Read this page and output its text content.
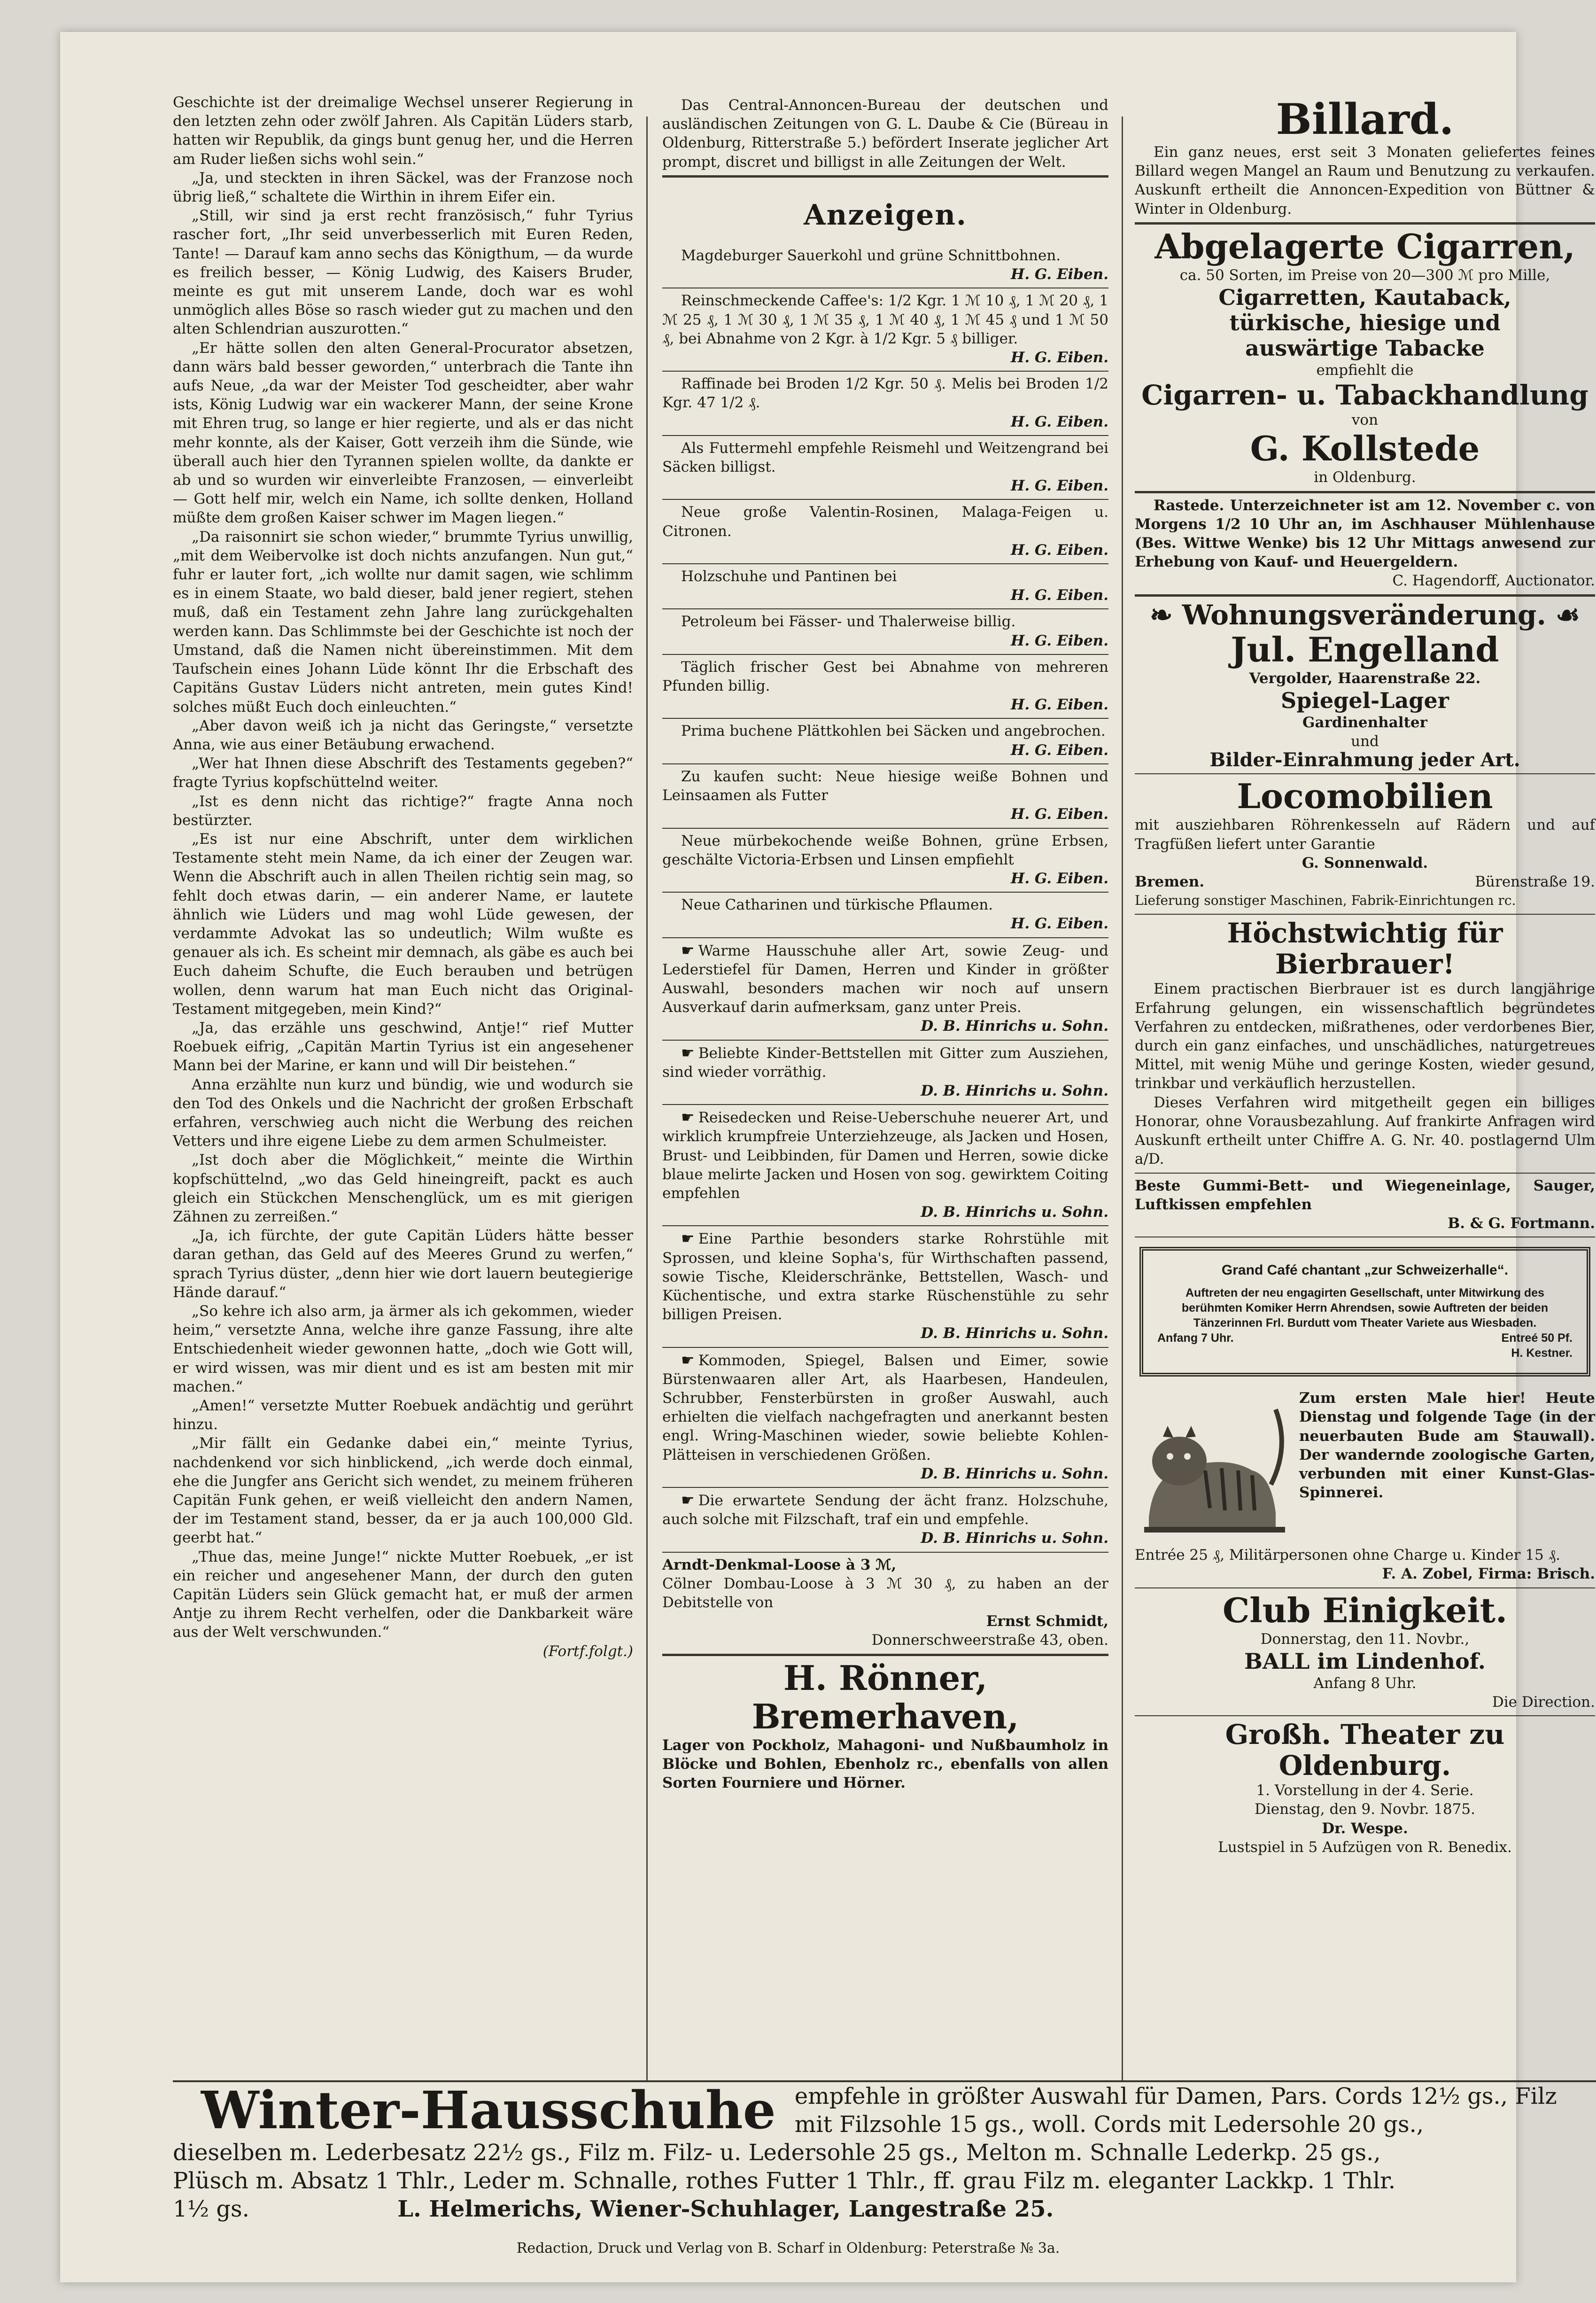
Geschichte ist der dreimalige Wechsel unserer Regierung in den letzten zehn oder zwölf Jahren. Als Capitän Lüders starb, hatten wir Republik, da gings bunt genug her, und die Herren am Ruder ließen sichs wohl sein.“

„Ja, und steckten in ihren Säckel, was der Franzose noch übrig ließ,“ schaltete die Wirthin in ihrem Eifer ein.

„Still, wir sind ja erst recht französisch,“ fuhr Tyrius rascher fort, „Ihr seid unverbesserlich mit Euren Reden, Tante! — Darauf kam anno sechs das Königthum, — da wurde es freilich besser, — König Ludwig, des Kaisers Bruder, meinte es gut mit unserem Lande, doch war es wohl unmöglich alles Böse so rasch wieder gut zu machen und den alten Schlendrian auszurotten.“

„Er hätte sollen den alten General-Procurator absetzen, dann wärs bald besser geworden,“ unterbrach die Tante ihn aufs Neue, „da war der Meister Tod gescheidter, aber wahr ists, König Ludwig war ein wackerer Mann, der seine Krone mit Ehren trug, so lange er hier regierte, und als er das nicht mehr konnte, als der Kaiser, Gott verzeih ihm die Sünde, wie überall auch hier den Tyrannen spielen wollte, da dankte er ab und so wurden wir einverleibte Franzosen, — einverleibt — Gott helf mir, welch ein Name, ich sollte denken, Holland müßte dem großen Kaiser schwer im Magen liegen.“

„Da raisonnirt sie schon wieder,“ brummte Tyrius unwillig, „mit dem Weibervolke ist doch nichts anzufangen. Nun gut,“ fuhr er lauter fort, „ich wollte nur damit sagen, wie schlimm es in einem Staate, wo bald dieser, bald jener regiert, stehen muß, daß ein Testament zehn Jahre lang zurückgehalten werden kann. Das Schlimmste bei der Geschichte ist noch der Umstand, daß die Namen nicht übereinstimmen. Mit dem Taufschein eines Johann Lüde könnt Ihr die Erbschaft des Capitäns Gustav Lüders nicht antreten, mein gutes Kind! solches müßt Euch doch einleuchten.“

„Aber davon weiß ich ja nicht das Geringste,“ versetzte Anna, wie aus einer Betäubung erwachend.

„Wer hat Ihnen diese Abschrift des Testaments gegeben?“ fragte Tyrius kopfschüttelnd weiter.

„Ist es denn nicht das richtige?“ fragte Anna noch bestürzter.

„Es ist nur eine Abschrift, unter dem wirklichen Testamente steht mein Name, da ich einer der Zeugen war. Wenn die Abschrift auch in allen Theilen richtig sein mag, so fehlt doch etwas darin, — ein anderer Name, er lautete ähnlich wie Lüders und mag wohl Lüde gewesen, der verdammte Advokat las so undeutlich; Wilm wußte es genauer als ich. Es scheint mir demnach, als gäbe es auch bei Euch daheim Schufte, die Euch berauben und betrügen wollen, denn warum hat man Euch nicht das Original-Testament mitgegeben, mein Kind?“

„Ja, das erzähle uns geschwind, Antje!“ rief Mutter Roebuek eifrig, „Capitän Martin Tyrius ist ein angesehener Mann bei der Marine, er kann und will Dir beistehen.“

Anna erzählte nun kurz und bündig, wie und wodurch sie den Tod des Onkels und die Nachricht der großen Erbschaft erfahren, verschwieg auch nicht die Werbung des reichen Vetters und ihre eigene Liebe zu dem armen Schulmeister.

„Ist doch aber die Möglichkeit,“ meinte die Wirthin kopfschüttelnd, „wo das Geld hineingreift, packt es auch gleich ein Stückchen Menschenglück, um es mit gierigen Zähnen zu zerreißen.“

„Ja, ich fürchte, der gute Capitän Lüders hätte besser daran gethan, das Geld auf des Meeres Grund zu werfen,“ sprach Tyrius düster, „denn hier wie dort lauern beutegierige Hände darauf.“

„So kehre ich also arm, ja ärmer als ich gekommen, wieder heim,“ versetzte Anna, welche ihre ganze Fassung, ihre alte Entschiedenheit wieder gewonnen hatte, „doch wie Gott will, er wird wissen, was mir dient und es ist am besten mit mir machen.“

„Amen!“ versetzte Mutter Roebuek andächtig und gerührt hinzu.

„Mir fällt ein Gedanke dabei ein,“ meinte Tyrius, nachdenkend vor sich hinblickend, „ich werde doch einmal, ehe die Jungfer ans Gericht sich wendet, zu meinem früheren Capitän Funk gehen, er weiß vielleicht den andern Namen, der im Testament stand, besser, da er ja auch 100,000 Gld. geerbt hat.“

„Thue das, meine Junge!“ nickte Mutter Roebuek, „er ist ein reicher und angesehener Mann, der durch den guten Capitän Lüders sein Glück gemacht hat, er muß der armen Antje zu ihrem Recht verhelfen, oder die Dankbarkeit wäre aus der Welt verschwunden.“

(Fortf.folgt.)
Das Central-Annoncen-Bureau der deutschen und ausländischen Zeitungen von G. L. Daube & Cie (Büreau in Oldenburg, Ritterstraße 5.) befördert Inserate jeglicher Art prompt, discret und billigst in alle Zeitungen der Welt.
Anzeigen.
Magdeburger Sauerkohl und grüne Schnittbohnen.
H. G. Eiben.
Reinschmeckende Caffee's: 1/2 Kgr. 1 ℳ 10 ₰, 1 ℳ 20 ₰, 1 ℳ 25 ₰, 1 ℳ 30 ₰, 1 ℳ 35 ₰, 1 ℳ 40 ₰, 1 ℳ 45 ₰ und 1 ℳ 50 ₰, bei Abnahme von 2 Kgr. à 1/2 Kgr. 5 ₰ billiger.
H. G. Eiben.
Raffinade bei Broden 1/2 Kgr. 50 ₰. Melis bei Broden 1/2 Kgr. 47 1/2 ₰.
H. G. Eiben.
Als Futtermehl empfehle Reismehl und Weitzengrand bei Säcken billigst.
H. G. Eiben.
Neue große Valentin-Rosinen, Malaga-Feigen u. Citronen.
H. G. Eiben.
Holzschuhe und Pantinen bei
H. G. Eiben.
Petroleum bei Fässer- und Thalerweise billig.
H. G. Eiben.
Täglich frischer Gest bei Abnahme von mehreren Pfunden billig.
H. G. Eiben.
Prima buchene Plättkohlen bei Säcken und angebrochen.
H. G. Eiben.
Zu kaufen sucht: Neue hiesige weiße Bohnen und Leinsaamen als Futter
H. G. Eiben.
Neue mürbekochende weiße Bohnen, grüne Erbsen, geschälte Victoria-Erbsen und Linsen empfiehlt
H. G. Eiben.
Neue Catharinen und türkische Pflaumen.
H. G. Eiben.
☛ Warme Hausschuhe aller Art, sowie Zeug- und Lederstiefel für Damen, Herren und Kinder in größter Auswahl, besonders machen wir noch auf unsern Ausverkauf darin aufmerksam, ganz unter Preis.
D. B. Hinrichs u. Sohn.
☛ Beliebte Kinder-Bettstellen mit Gitter zum Ausziehen, sind wieder vorräthig.
D. B. Hinrichs u. Sohn.
☛ Reisedecken und Reise-Ueberschuhe neuerer Art, und wirklich krumpfreie Unterziehzeuge, als Jacken und Hosen, Brust- und Leibbinden, für Damen und Herren, sowie dicke blaue melirte Jacken und Hosen von sog. gewirktem Coiting empfehlen
D. B. Hinrichs u. Sohn.
☛ Eine Parthie besonders starke Rohrstühle mit Sprossen, und kleine Sopha's, für Wirthschaften passend, sowie Tische, Kleiderschränke, Bettstellen, Wasch- und Küchentische, und extra starke Rüschenstühle zu sehr billigen Preisen.
D. B. Hinrichs u. Sohn.
☛ Kommoden, Spiegel, Balsen und Eimer, sowie Bürstenwaaren aller Art, als Haarbesen, Handeulen, Schrubber, Fensterbürsten in großer Auswahl, auch erhielten die vielfach nachgefragten und anerkannt besten engl. Wring-Maschinen wieder, sowie beliebte Kohlen-Plätteisen in verschiedenen Größen.
D. B. Hinrichs u. Sohn.
☛ Die erwartete Sendung der ächt franz. Holzschuhe, auch solche mit Filzschaft, traf ein und empfehle.
D. B. Hinrichs u. Sohn.
Arndt-Denkmal-Loose à 3 ℳ,
Cölner Dombau-Loose à 3 ℳ 30 ₰, zu haben an der Debitstelle von
Ernst Schmidt,
Donnerschweerstraße 43, oben.
H. Rönner,
Bremerhaven,
Lager von Pockholz, Mahagoni- und Nußbaumholz in Blöcke und Bohlen, Ebenholz rc., ebenfalls von allen Sorten Fourniere und Hörner.
Billard.
Ein ganz neues, erst seit 3 Monaten geliefertes feines Billard wegen Mangel an Raum und Benutzung zu verkaufen. Auskunft ertheilt die Annoncen-Expedition von Büttner & Winter in Oldenburg.
Abgelagerte Cigarren,
ca. 50 Sorten, im Preise von 20—300 ℳ pro Mille,
Cigarretten, Kautaback,
türkische, hiesige und
auswärtige Tabacke
empfiehlt die
Cigarren- u. Tabackhandlung
von
G. Kollstede
in Oldenburg.
Rastede. Unterzeichneter ist am 12. November c. von Morgens 1/2 10 Uhr an, im Aschhauser Mühlenhause (Bes. Wittwe Wenke) bis 12 Uhr Mittags anwesend zur Erhebung von Kauf- und Heuergeldern.
C. Hagendorff, Auctionator.
❧ Wohnungsveränderung. ☙
Jul. Engelland
Vergolder, Haarenstraße 22.
Spiegel-Lager
Gardinenhalter
und
Bilder-Einrahmung jeder Art.
Locomobilien
mit ausziehbaren Röhrenkesseln auf Rädern und auf Tragfüßen liefert unter Garantie
G. Sonnenwald.
Bremen.	Bürenstraße 19.
Lieferung sonstiger Maschinen, Fabrik-Einrichtungen rc.
Höchstwichtig für Bierbrauer!
Einem practischen Bierbrauer ist es durch langjährige Erfahrung gelungen, ein wissenschaftlich begründetes Verfahren zu entdecken, mißrathenes, oder verdorbenes Bier, durch ein ganz einfaches, und unschädliches, naturgetreues Mittel, mit wenig Mühe und geringe Kosten, wieder gesund, trinkbar und verkäuflich herzustellen.
Dieses Verfahren wird mitgetheilt gegen ein billiges Honorar, ohne Vorausbezahlung. Auf frankirte Anfragen wird Auskunft ertheilt unter Chiffre A. G. Nr. 40. postlagernd Ulm a/D.
Beste Gummi-Bett- und Wiegeneinlage, Sauger, Luftkissen empfehlen
B. & G. Fortmann.
Grand Café chantant „zur Schweizerhalle“.
Auftreten der neu engagirten Gesellschaft, unter Mitwirkung des berühmten Komiker Herrn Ahrendsen, sowie Auftreten der beiden Tänzerinnen Frl. Burdutt vom Theater Variete aus Wiesbaden.
Anfang 7 Uhr.	Entreé 50 Pf.
H. Kestner.
Zum ersten Male hier! Heute Dienstag und folgende Tage (in der neuerbauten Bude am Stauwall). Der wandernde zoologische Garten, verbunden mit einer Kunst-Glas-Spinnerei.
Entrée 25 ₰, Militärpersonen ohne Charge u. Kinder 15 ₰.
F. A. Zobel, Firma: Brisch.
Club Einigkeit.
Donnerstag, den 11. Novbr.,
BALL im Lindenhof.
Anfang 8 Uhr.
Die Direction.
Großh. Theater zu Oldenburg.
1. Vorstellung in der 4. Serie.
Dienstag, den 9. Novbr. 1875.
Dr. Wespe.
Lustspiel in 5 Aufzügen von R. Benedix.
Winter-Hausschuhe empfehle in größter Auswahl für Damen, Pars. Cords 12½ gs., Filz mit Filzsohle 15 gs., woll. Cords mit Ledersohle 20 gs.,

dieselben m. Lederbesatz 22½ gs., Filz m. Filz- u. Ledersohle 25 gs., Melton m. Schnalle Lederkp. 25 gs.,

Plüsch m. Absatz 1 Thlr., Leder m. Schnalle, rothes Futter 1 Thlr., ff. grau Filz m. eleganter Lackkp. 1 Thlr.

1½ gs.	L. Helmerichs, Wiener-Schuhlager, Langestraße 25.

Redaction, Druck und Verlag von B. Scharf in Oldenburg: Peterstraße № 3a.
